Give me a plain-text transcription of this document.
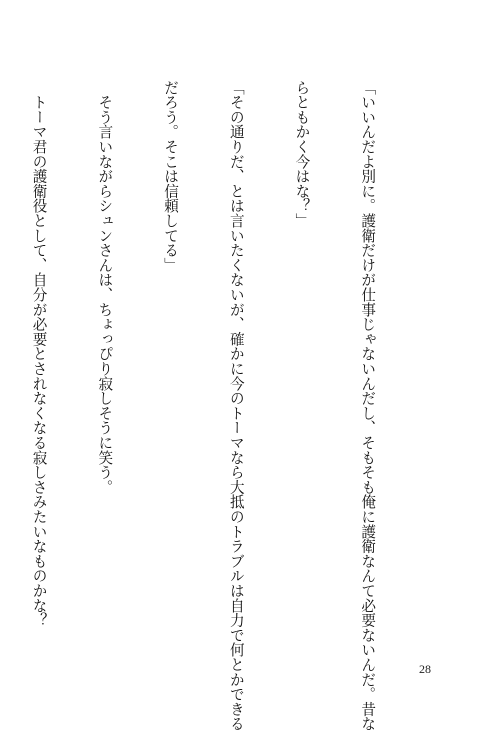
「いいんだよ別に。護衛だけが仕事じゃないんだし、そもそも俺に護衛なんて必要ないんだ。昔な

らともかく今はな？」

「その通りだ、とは言いたくないが、確かに今のトーマなら大抵のトラブルは自力で何とかできる

だろう。そこは信頼してる」

　そう言いながらシュンさんは、ちょっぴり寂しそうに笑う。

　トーマ君の護衛役として、自分が必要とされなくなる寂しさみたいなものかな？

28
